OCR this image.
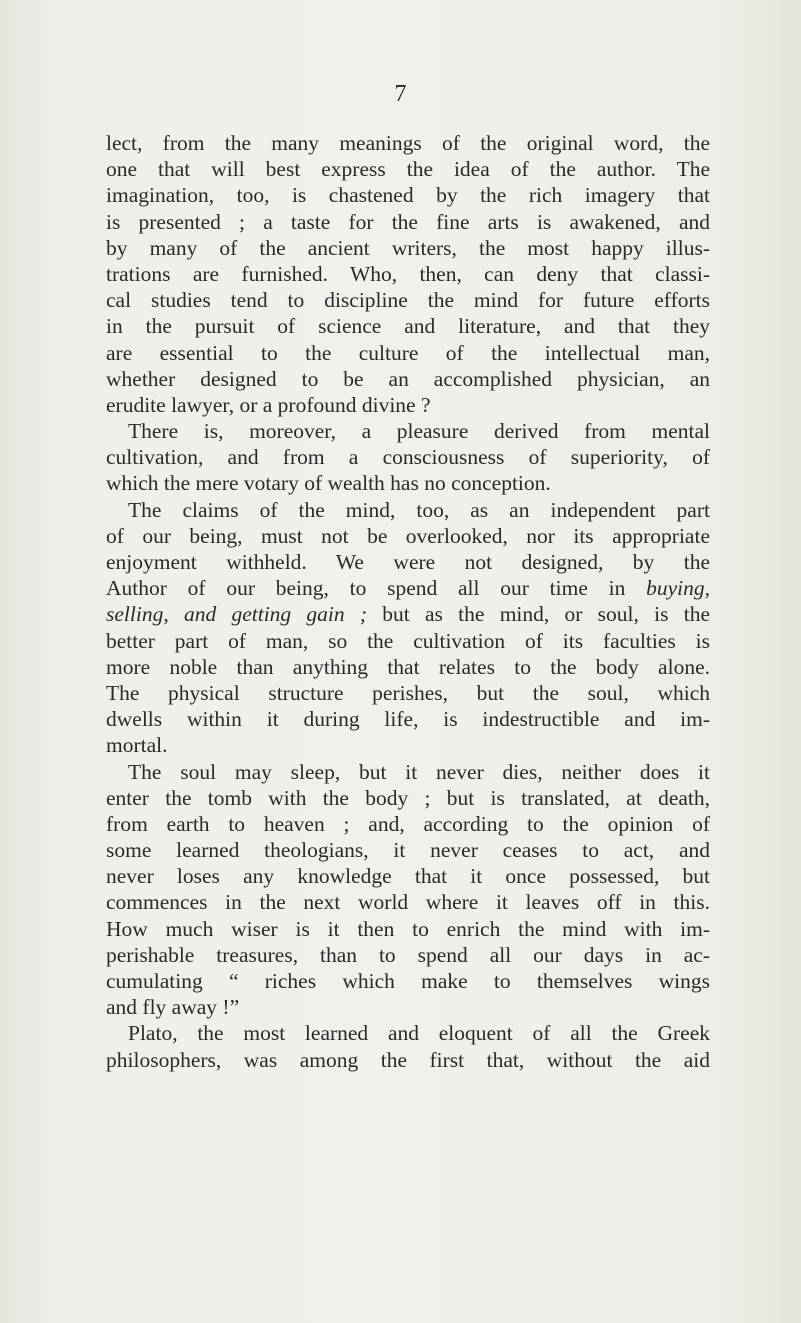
7
lect, from the many meanings of the original word, the
one that will best express the idea of the author. The
imagination, too, is chastened by the rich imagery that
is presented ; a taste for the fine arts is awakened, and
by many of the ancient writers, the most happy illus-
trations are furnished. Who, then, can deny that classi-
cal studies tend to discipline the mind for future efforts
in the pursuit of science and literature, and that they
are essential to the culture of the intellectual man,
whether designed to be an accomplished physician, an
erudite lawyer, or a profound divine ?
There is, moreover, a pleasure derived from mental
cultivation, and from a consciousness of superiority, of
which the mere votary of wealth has no conception.
The claims of the mind, too, as an independent part
of our being, must not be overlooked, nor its appropriate
enjoyment withheld. We were not designed, by the
Author of our being, to spend all our time in buying,
selling, and getting gain ; but as the mind, or soul, is the
better part of man, so the cultivation of its faculties is
more noble than anything that relates to the body alone.
The physical structure perishes, but the soul, which
dwells within it during life, is indestructible and im-
mortal.
The soul may sleep, but it never dies, neither does it
enter the tomb with the body ; but is translated, at death,
from earth to heaven ; and, according to the opinion of
some learned theologians, it never ceases to act, and
never loses any knowledge that it once possessed, but
commences in the next world where it leaves off in this.
How much wiser is it then to enrich the mind with im-
perishable treasures, than to spend all our days in ac-
cumulating “ riches which make to themselves wings
and fly away !”
Plato, the most learned and eloquent of all the Greek
philosophers, was among the first that, without the aid
